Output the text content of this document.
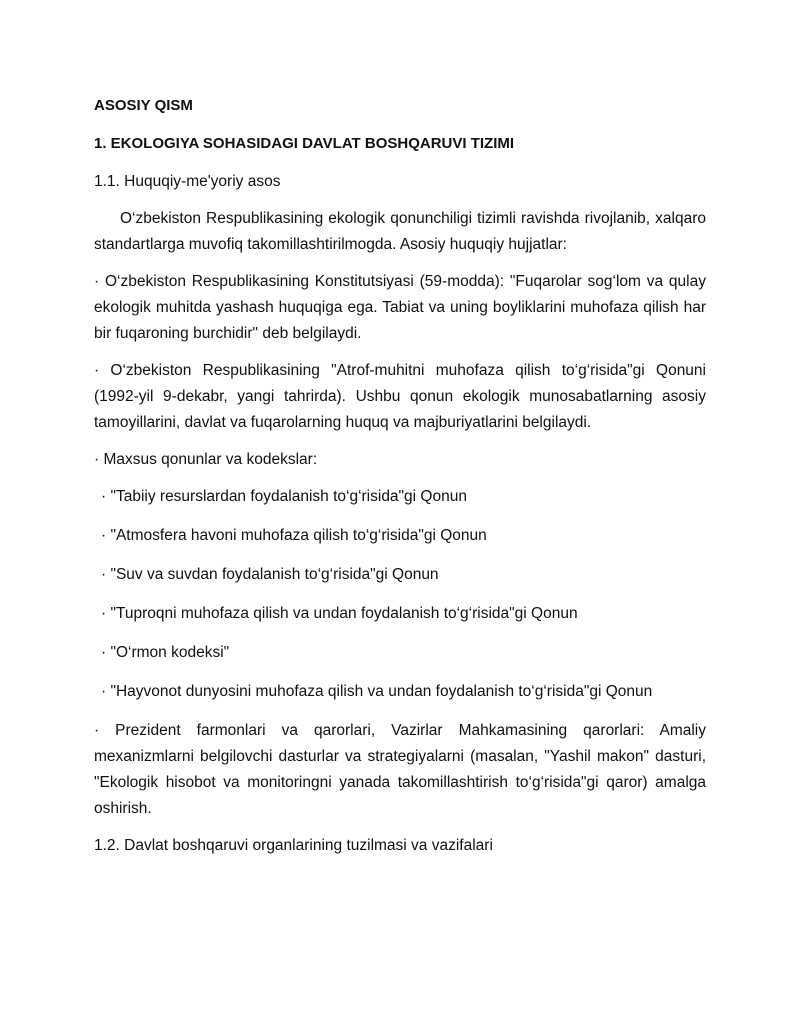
ASOSIY QISM

1. EKOLOGIYA SOHASIDAGI DAVLAT BOSHQARUVI TIZIMI

1.1. Huquqiy-me'yoriy asos

O‘zbekiston Respublikasining ekologik qonunchiligi tizimli ravishda rivojlanib, xalqaro standartlarga muvofiq takomillashtirilmogda. Asosiy huquqiy hujjatlar:

· O‘zbekiston Respublikasining Konstitutsiyasi (59-modda): "Fuqarolar sog‘lom va qulay ekologik muhitda yashash huquqiga ega. Tabiat va uning boyliklarini muhofaza qilish har bir fuqaroning burchidir" deb belgilaydi.

· O‘zbekiston Respublikasining "Atrof-muhitni muhofaza qilish to‘g‘risida"gi Qonuni (1992-yil 9-dekabr, yangi tahrirda). Ushbu qonun ekologik munosabatlarning asosiy tamoyillarini, davlat va fuqarolarning huquq va majburiyatlarini belgilaydi.

· Maxsus qonunlar va kodekslar:

· "Tabiiy resurslardan foydalanish to‘g‘risida"gi Qonun

· "Atmosfera havoni muhofaza qilish to‘g‘risida"gi Qonun

· "Suv va suvdan foydalanish to‘g‘risida"gi Qonun

· "Tuproqni muhofaza qilish va undan foydalanish to‘g‘risida"gi Qonun

· "O‘rmon kodeksi"

· "Hayvonot dunyosini muhofaza qilish va undan foydalanish to‘g‘risida"gi Qonun

· Prezident farmonlari va qarorlari, Vazirlar Mahkamasining qarorlari: Amaliy mexanizmlarni belgilovchi dasturlar va strategiyalarni (masalan, "Yashil makon" dasturi, "Ekologik hisobot va monitoringni yanada takomillashtirish to‘g‘risida"gi qaror) amalga oshirish.

1.2. Davlat boshqaruvi organlarining tuzilmasi va vazifalari
